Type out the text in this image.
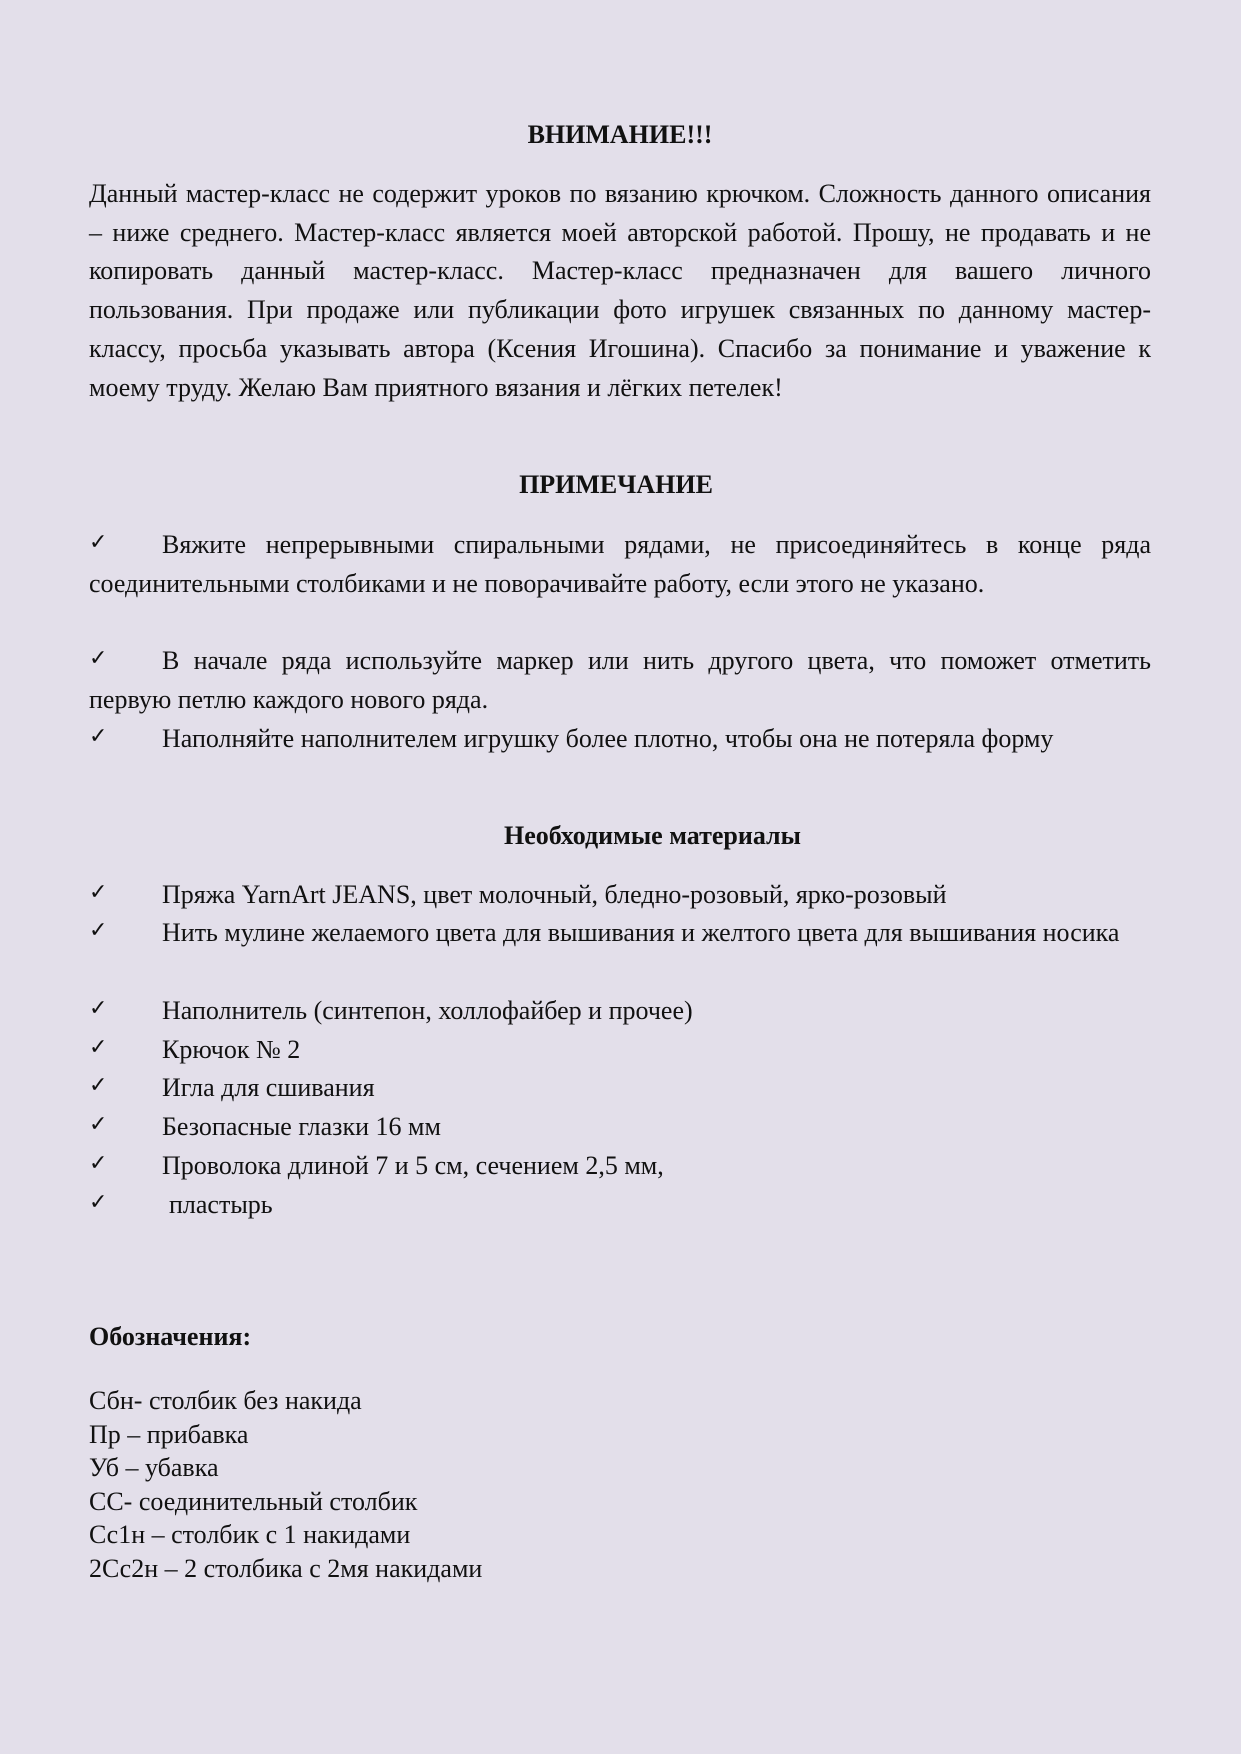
ВНИМАНИЕ!!!

Данный мастер-класс не содержит уроков по вязанию крючком. Сложность данного описания – ниже среднего. Мастер-класс является моей авторской работой. Прошу, не продавать и не копировать данный мастер-класс. Мастер-класс предназначен для вашего личного пользования. При продаже или публикации фото игрушек связанных по данному мастер-классу, просьба указывать автора (Ксения Игошина). Спасибо за понимание и уважение к моему труду. Желаю Вам приятного вязания и лёгких петелек!

ПРИМЕЧАНИЕ

✓	Вяжите непрерывными спиральными рядами, не присоединяйтесь в конце ряда соединительными столбиками и не поворачивайте работу, если этого не указано.

✓	В начале ряда используйте маркер или нить другого цвета, что поможет отметить первую петлю каждого нового ряда.

✓	Наполняйте наполнителем игрушку более плотно, чтобы она не потеряла форму

Необходимые материалы

✓	Пряжа YarnArt JEANS, цвет молочный, бледно-розовый, ярко-розовый

✓	Нить мулине желаемого цвета для вышивания и желтого цвета для вышивания носика

✓	Наполнитель (синтепон, холлофайбер и прочее)

✓	Крючок № 2

✓	Игла для сшивания

✓	Безопасные глазки 16 мм

✓	Проволока длиной 7 и 5 см, сечением 2,5 мм,

✓	пластырь

Обозначения:
Сбн- столбик без накида
Пр – прибавка
Уб – убавка
СС- соединительный столбик
Сс1н – столбик с 1 накидами
2Сс2н – 2 столбика с 2мя накидами
